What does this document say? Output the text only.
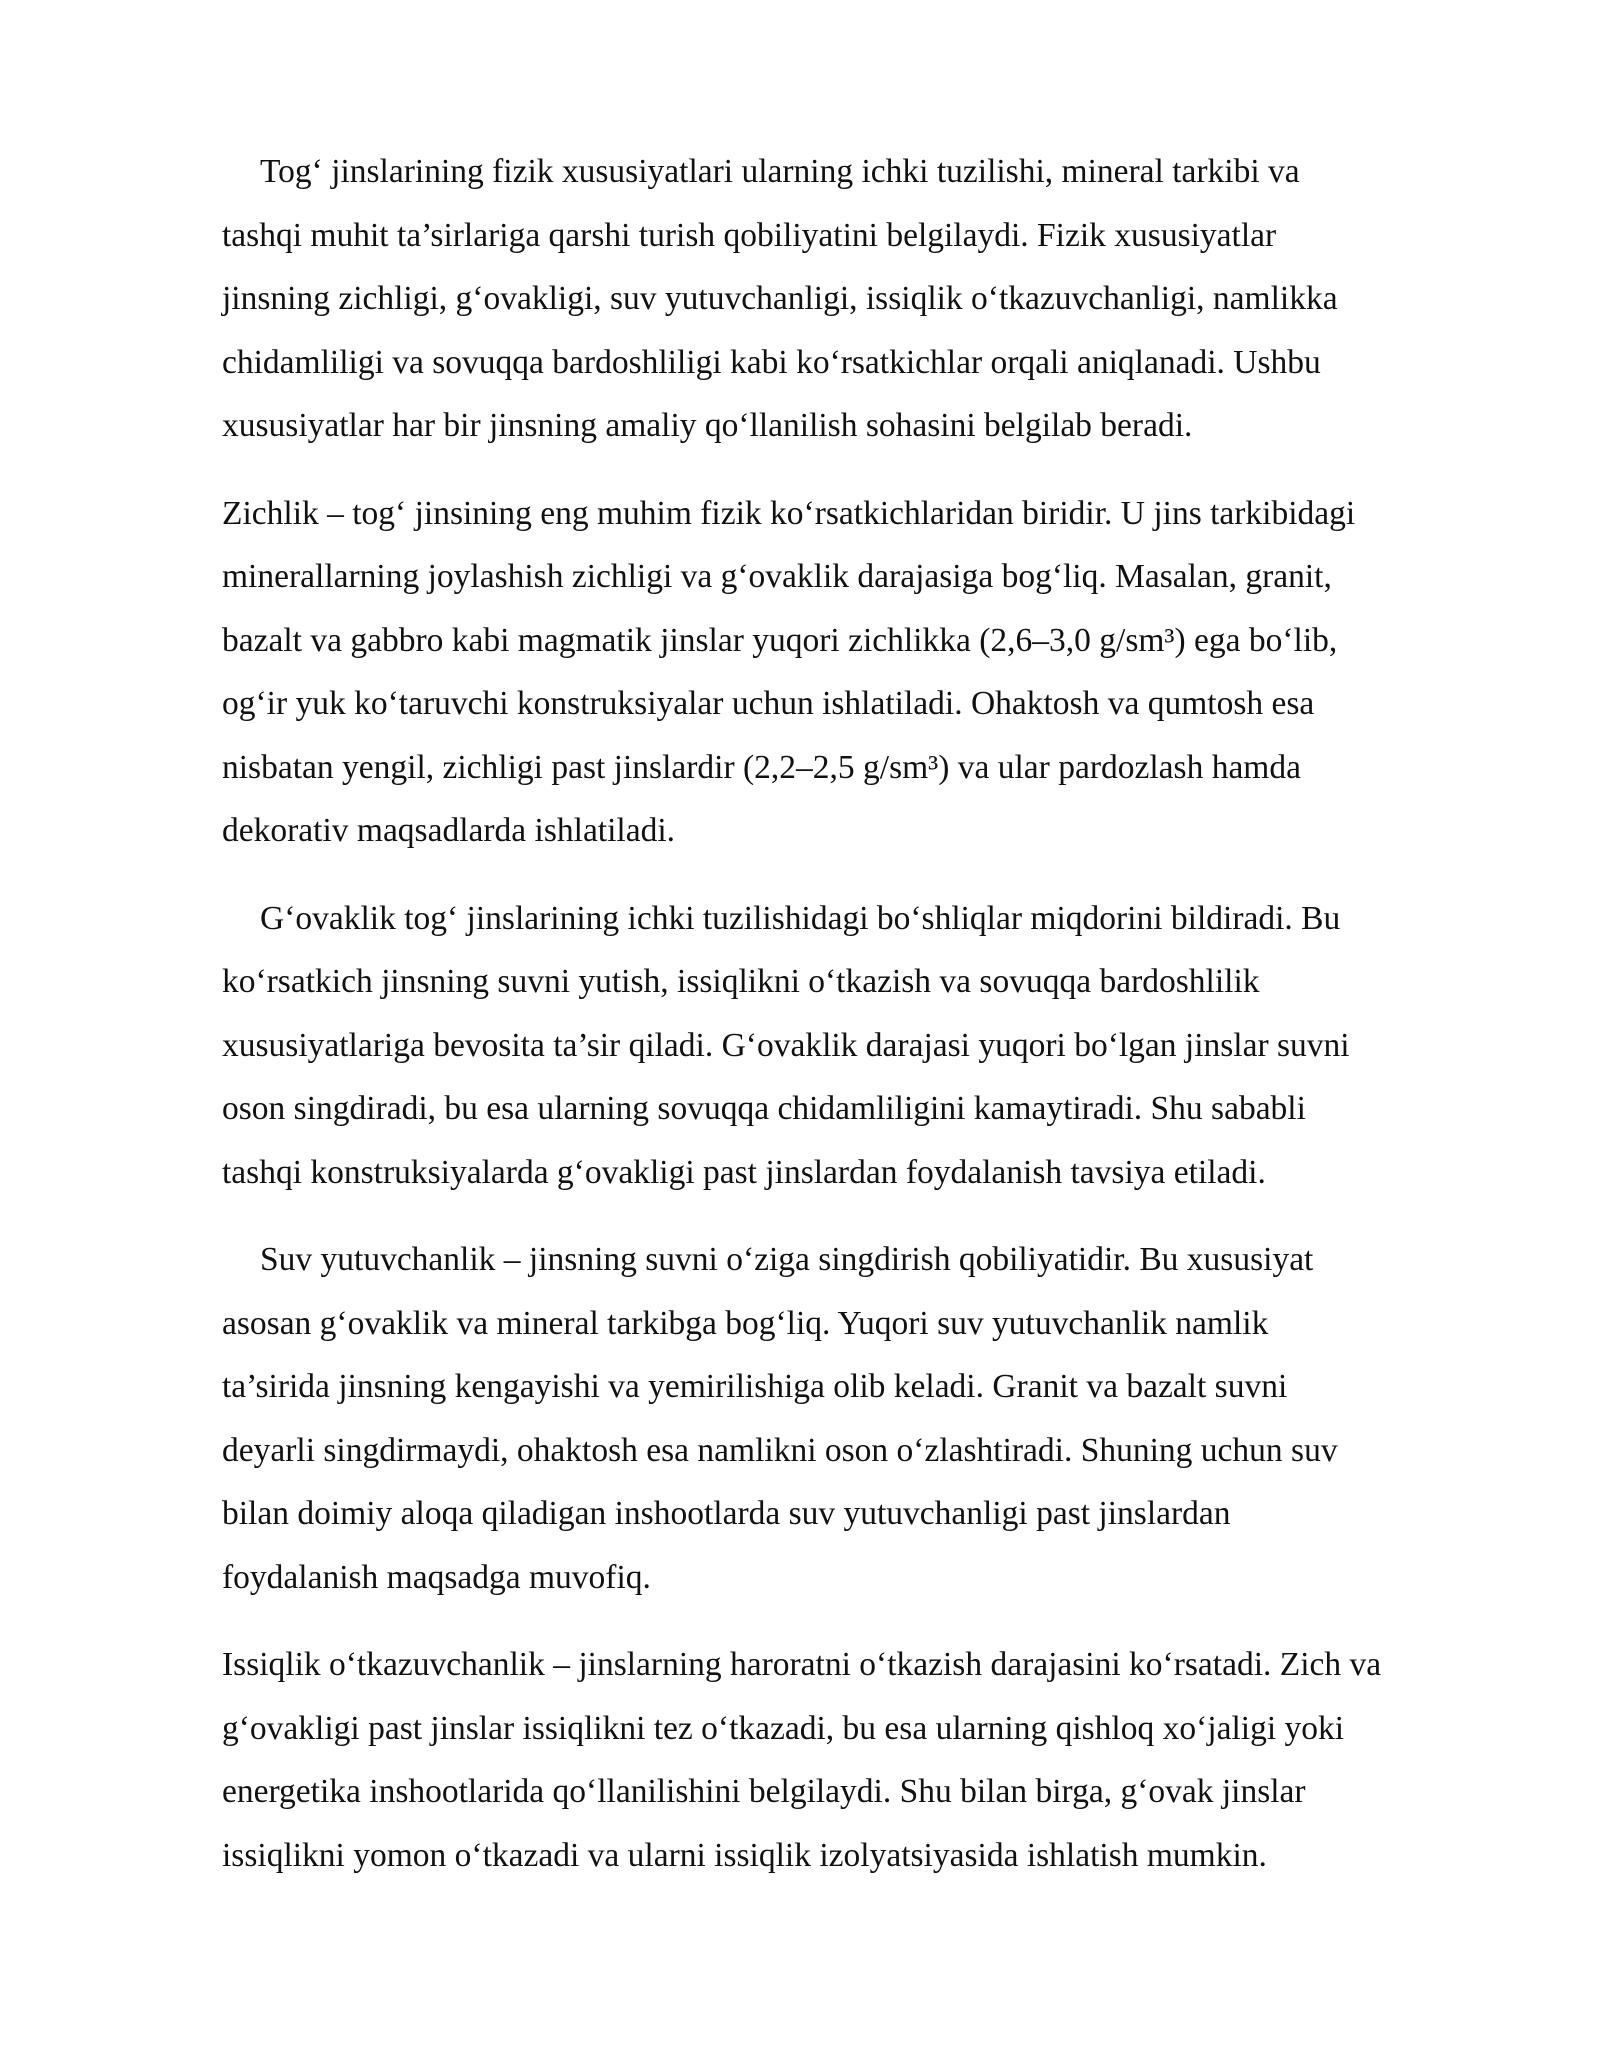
Tog‘ jinslarining fizik xususiyatlari ularning ichki tuzilishi, mineral tarkibi va
tashqi muhit ta’sirlariga qarshi turish qobiliyatini belgilaydi. Fizik xususiyatlar
jinsning zichligi, g‘ovakligi, suv yutuvchanligi, issiqlik o‘tkazuvchanligi, namlikka
chidamliligi va sovuqqa bardoshliligi kabi ko‘rsatkichlar orqali aniqlanadi. Ushbu
xususiyatlar har bir jinsning amaliy qo‘llanilish sohasini belgilab beradi.

Zichlik – tog‘ jinsining eng muhim fizik ko‘rsatkichlaridan biridir. U jins tarkibidagi
minerallarning joylashish zichligi va g‘ovaklik darajasiga bog‘liq. Masalan, granit,
bazalt va gabbro kabi magmatik jinslar yuqori zichlikka (2,6–3,0 g/sm³) ega bo‘lib,
og‘ir yuk ko‘taruvchi konstruksiyalar uchun ishlatiladi. Ohaktosh va qumtosh esa
nisbatan yengil, zichligi past jinslardir (2,2–2,5 g/sm³) va ular pardozlash hamda
dekorativ maqsadlarda ishlatiladi.

G‘ovaklik tog‘ jinslarining ichki tuzilishidagi bo‘shliqlar miqdorini bildiradi. Bu
ko‘rsatkich jinsning suvni yutish, issiqlikni o‘tkazish va sovuqqa bardoshlilik
xususiyatlariga bevosita ta’sir qiladi. G‘ovaklik darajasi yuqori bo‘lgan jinslar suvni
oson singdiradi, bu esa ularning sovuqqa chidamliligini kamaytiradi. Shu sababli
tashqi konstruksiyalarda g‘ovakligi past jinslardan foydalanish tavsiya etiladi.

Suv yutuvchanlik – jinsning suvni o‘ziga singdirish qobiliyatidir. Bu xususiyat
asosan g‘ovaklik va mineral tarkibga bog‘liq. Yuqori suv yutuvchanlik namlik
ta’sirida jinsning kengayishi va yemirilishiga olib keladi. Granit va bazalt suvni
deyarli singdirmaydi, ohaktosh esa namlikni oson o‘zlashtiradi. Shuning uchun suv
bilan doimiy aloqa qiladigan inshootlarda suv yutuvchanligi past jinslardan
foydalanish maqsadga muvofiq.

Issiqlik o‘tkazuvchanlik – jinslarning haroratni o‘tkazish darajasini ko‘rsatadi. Zich va
g‘ovakligi past jinslar issiqlikni tez o‘tkazadi, bu esa ularning qishloq xo‘jaligi yoki
energetika inshootlarida qo‘llanilishini belgilaydi. Shu bilan birga, g‘ovak jinslar
issiqlikni yomon o‘tkazadi va ularni issiqlik izolyatsiyasida ishlatish mumkin.
